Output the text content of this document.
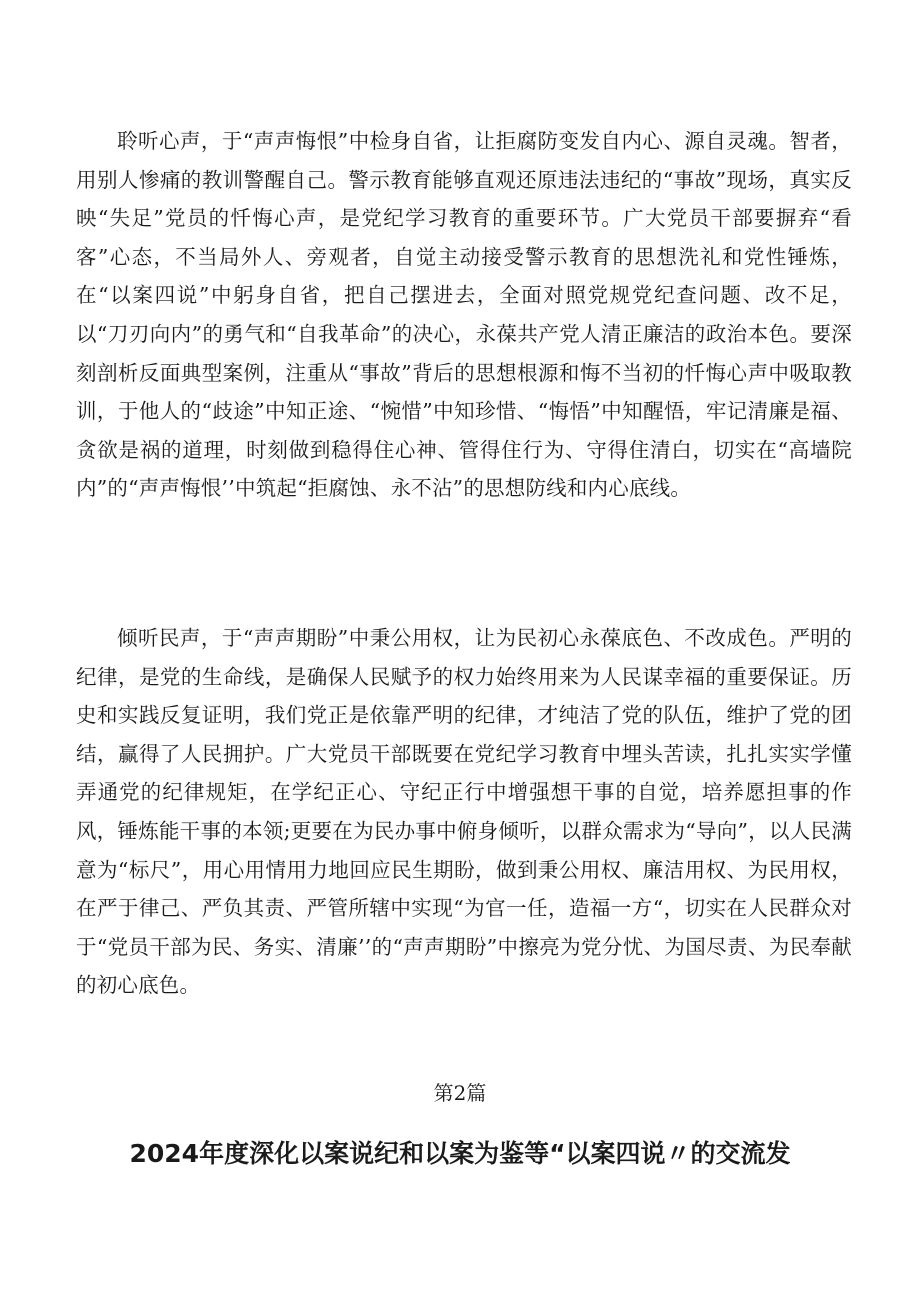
聆听心声，于“声声悔恨”中检身自省，让拒腐防变发自内心、源自灵魂。智者，用别人惨痛的教训警醒自己。警示教育能够直观还原违法违纪的“事故”现场，真实反映“失足”党员的忏悔心声，是党纪学习教育的重要环节。广大党员干部要摒弃“看客”心态，不当局外人、旁观者，自觉主动接受警示教育的思想洗礼和党性锤炼，在“以案四说”中躬身自省，把自己摆进去，全面对照党规党纪查问题、改不足，以“刀刃向内”的勇气和“自我革命”的决心，永葆共产党人清正廉洁的政治本色。要深刻剖析反面典型案例，注重从“事故”背后的思想根源和悔不当初的忏悔心声中吸取教训，于他人的“歧途”中知正途、“惋惜”中知珍惜、“悔悟”中知醒悟，牢记清廉是福、贪欲是祸的道理，时刻做到稳得住心神、管得住行为、守得住清白，切实在“高墙院内”的“声声悔恨’’中筑起“拒腐蚀、永不沾”的思想防线和内心底线。

倾听民声，于“声声期盼”中秉公用权，让为民初心永葆底色、不改成色。严明的纪律，是党的生命线，是确保人民赋予的权力始终用来为人民谋幸福的重要保证。历史和实践反复证明，我们党正是依靠严明的纪律，才纯洁了党的队伍，维护了党的团结，赢得了人民拥护。广大党员干部既要在党纪学习教育中埋头苦读，扎扎实实学懂弄通党的纪律规矩，在学纪正心、守纪正行中增强想干事的自觉，培养愿担事的作风，锤炼能干事的本领;更要在为民办事中俯身倾听，以群众需求为“导向”，以人民满意为“标尺”，用心用情用力地回应民生期盼，做到秉公用权、廉洁用权、为民用权，在严于律己、严负其责、严管所辖中实现“为官一任，造福一方“，切实在人民群众对于“党员干部为民、务实、清廉’’的“声声期盼”中擦亮为党分忧、为国尽责、为民奉献的初心底色。

第2篇

2024年度深化以案说纪和以案为鉴等“以案四说〃的交流发
